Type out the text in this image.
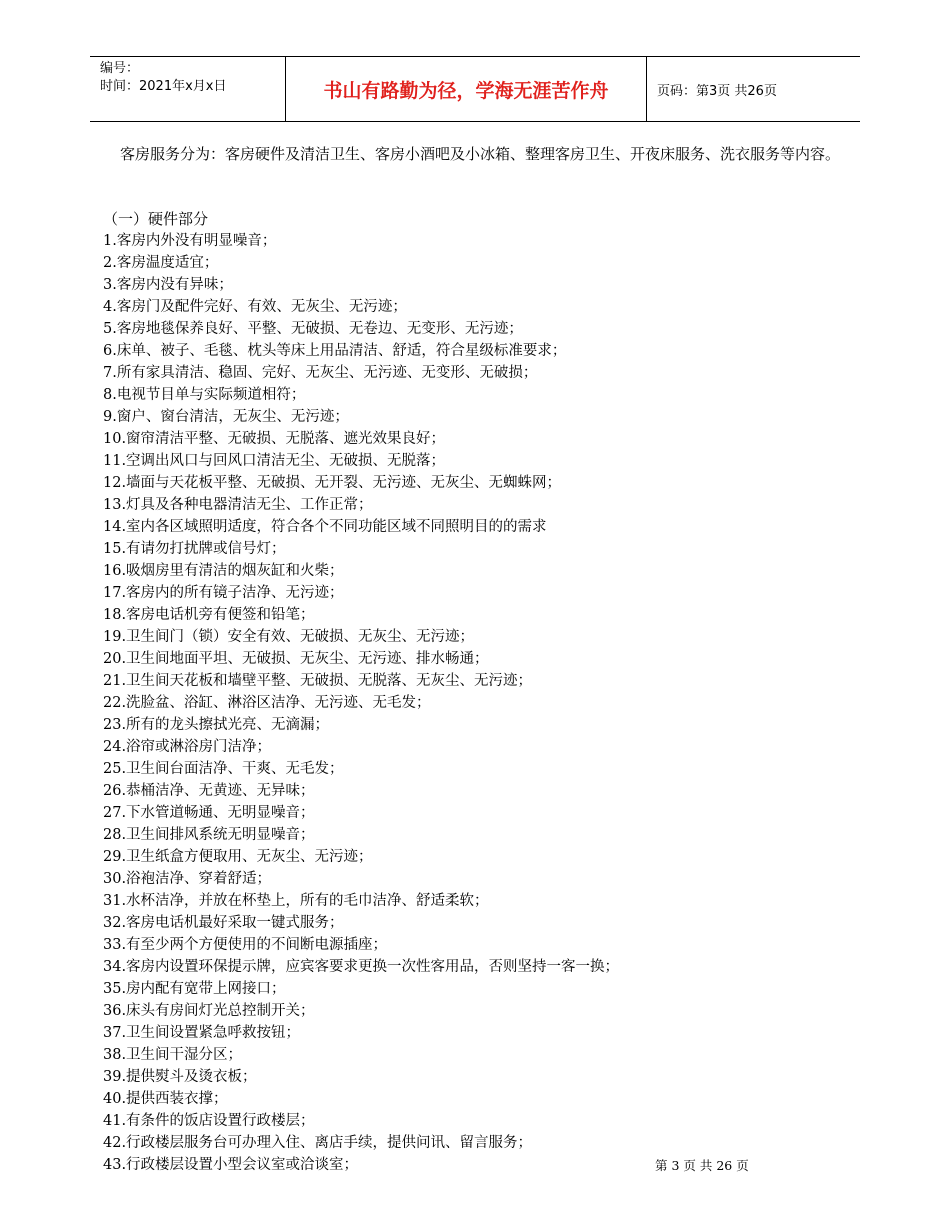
编号：
时间：2021年x月x日	书山有路勤为径，学海无涯苦作舟	页码：第3页 共26页

客房服务分为：客房硬件及清洁卫生、客房小酒吧及小冰箱、整理客房卫生、开夜床服务、洗衣服务等内容。

（一）硬件部分

1.客房内外没有明显噪音；
2.客房温度适宜；
3.客房内没有异味；
4.客房门及配件完好、有效、无灰尘、无污迹；
5.客房地毯保养良好、平整、无破损、无卷边、无变形、无污迹；
6.床单、被子、毛毯、枕头等床上用品清洁、舒适，符合星级标准要求；
7.所有家具清洁、稳固、完好、无灰尘、无污迹、无变形、无破损；
8.电视节目单与实际频道相符；
9.窗户、窗台清洁，无灰尘、无污迹；
10.窗帘清洁平整、无破损、无脱落、遮光效果良好；
11.空调出风口与回风口清洁无尘、无破损、无脱落；
12.墙面与天花板平整、无破损、无开裂、无污迹、无灰尘、无蜘蛛网；
13.灯具及各种电器清洁无尘、工作正常；
14.室内各区域照明适度，符合各个不同功能区域不同照明目的的需求
15.有请勿打扰牌或信号灯；
16.吸烟房里有清洁的烟灰缸和火柴；
17.客房内的所有镜子洁净、无污迹；
18.客房电话机旁有便签和铅笔；
19.卫生间门（锁）安全有效、无破损、无灰尘、无污迹；
20.卫生间地面平坦、无破损、无灰尘、无污迹、排水畅通；
21.卫生间天花板和墙壁平整、无破损、无脱落、无灰尘、无污迹；
22.洗脸盆、浴缸、淋浴区洁净、无污迹、无毛发；
23.所有的龙头擦拭光亮、无滴漏；
24.浴帘或淋浴房门洁净；
25.卫生间台面洁净、干爽、无毛发；
26.恭桶洁净、无黄迹、无异味；
27.下水管道畅通、无明显噪音；
28.卫生间排风系统无明显噪音；
29.卫生纸盒方便取用、无灰尘、无污迹；
30.浴袍洁净、穿着舒适；
31.水杯洁净，并放在杯垫上，所有的毛巾洁净、舒适柔软；
32.客房电话机最好采取一键式服务；
33.有至少两个方便使用的不间断电源插座；
34.客房内设置环保提示牌，应宾客要求更换一次性客用品，否则坚持一客一换；
35.房内配有宽带上网接口；
36.床头有房间灯光总控制开关；
37.卫生间设置紧急呼救按钮；
38.卫生间干湿分区；
39.提供熨斗及烫衣板；
40.提供西装衣撑；
41.有条件的饭店设置行政楼层；
42.行政楼层服务台可办理入住、离店手续，提供问讯、留言服务；
43.行政楼层设置小型会议室或洽谈室；	第 3 页 共 26 页
